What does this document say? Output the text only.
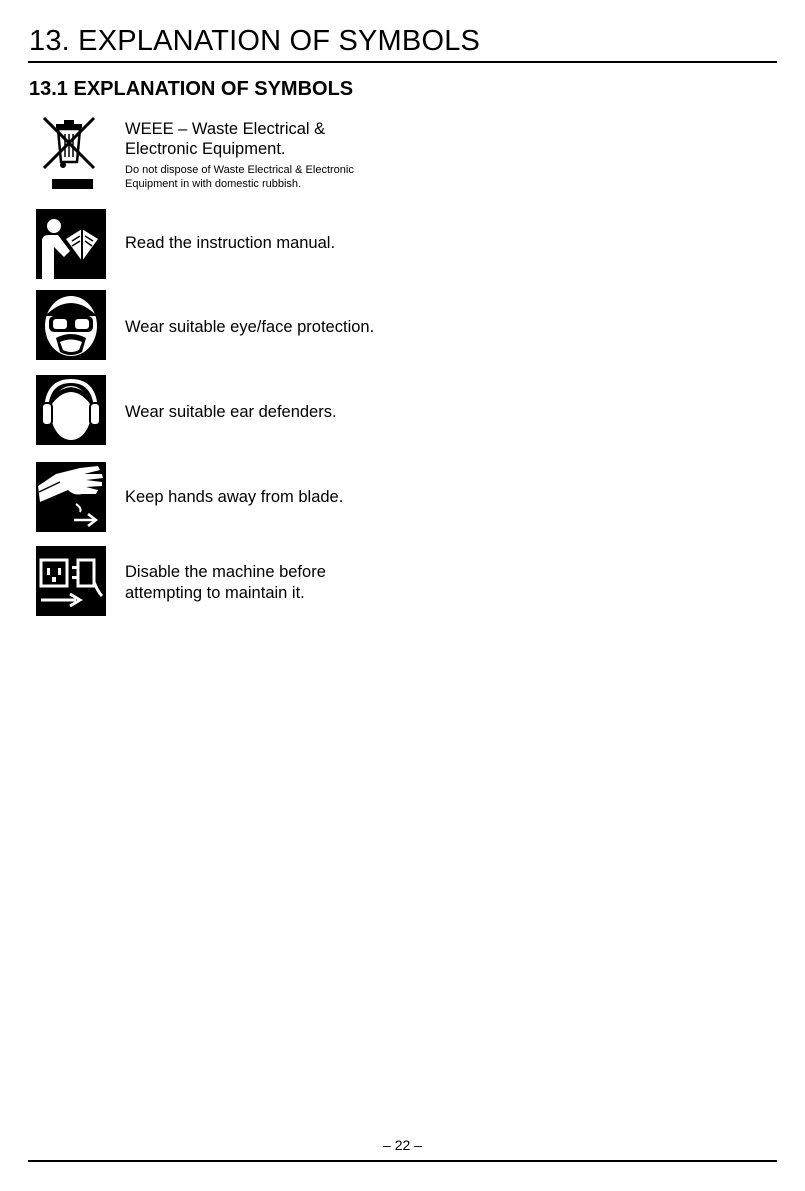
13. EXPLANATION OF SYMBOLS
13.1 EXPLANATION OF SYMBOLS
WEEE – Waste Electrical &
Electronic Equipment.
Do not dispose of Waste Electrical & Electronic
Equipment in with domestic rubbish.
Read the instruction manual.
Wear suitable eye/face protection.
Wear suitable ear defenders.
Keep hands away from blade.
Disable the machine before
attempting to maintain it.
– 22 –
